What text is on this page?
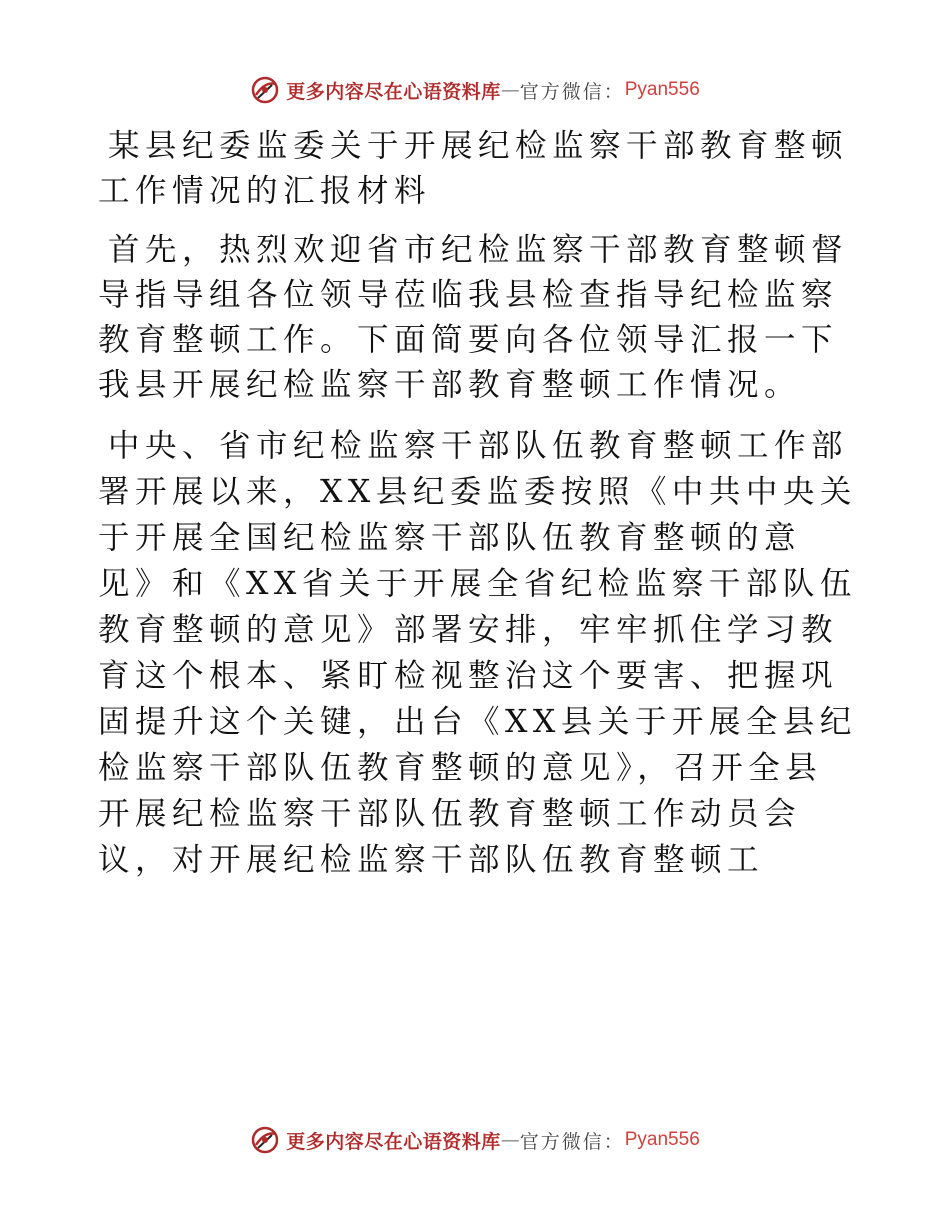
更多内容尽在心语资料库 — 官方微信： Pyan556

某县纪委监委关于开展纪检监察干部教育整顿工作情况的汇报材料

首先，热烈欢迎省市纪检监察干部教育整顿督导指导组各位领导莅临我县检查指导纪检监察教育整顿工作。下面简要向各位领导汇报一下我县开展纪检监察干部教育整顿工作情况。

中央、省市纪检监察干部队伍教育整顿工作部署开展以来，XX县纪委监委按照《中共中央关于开展全国纪检监察干部队伍教育整顿的意见》和《XX省关于开展全省纪检监察干部队伍教育整顿的意见》部署安排，牢牢抓住学习教育这个根本、紧盯检视整治这个要害、把握巩固提升这个关键，出台《XX县关于开展全县纪检监察干部队伍教育整顿的意见》，召开全县开展纪检监察干部队伍教育整顿工作动员会议，对开展纪检监察干部队伍教育整顿工

更多内容尽在心语资料库 — 官方微信： Pyan556
